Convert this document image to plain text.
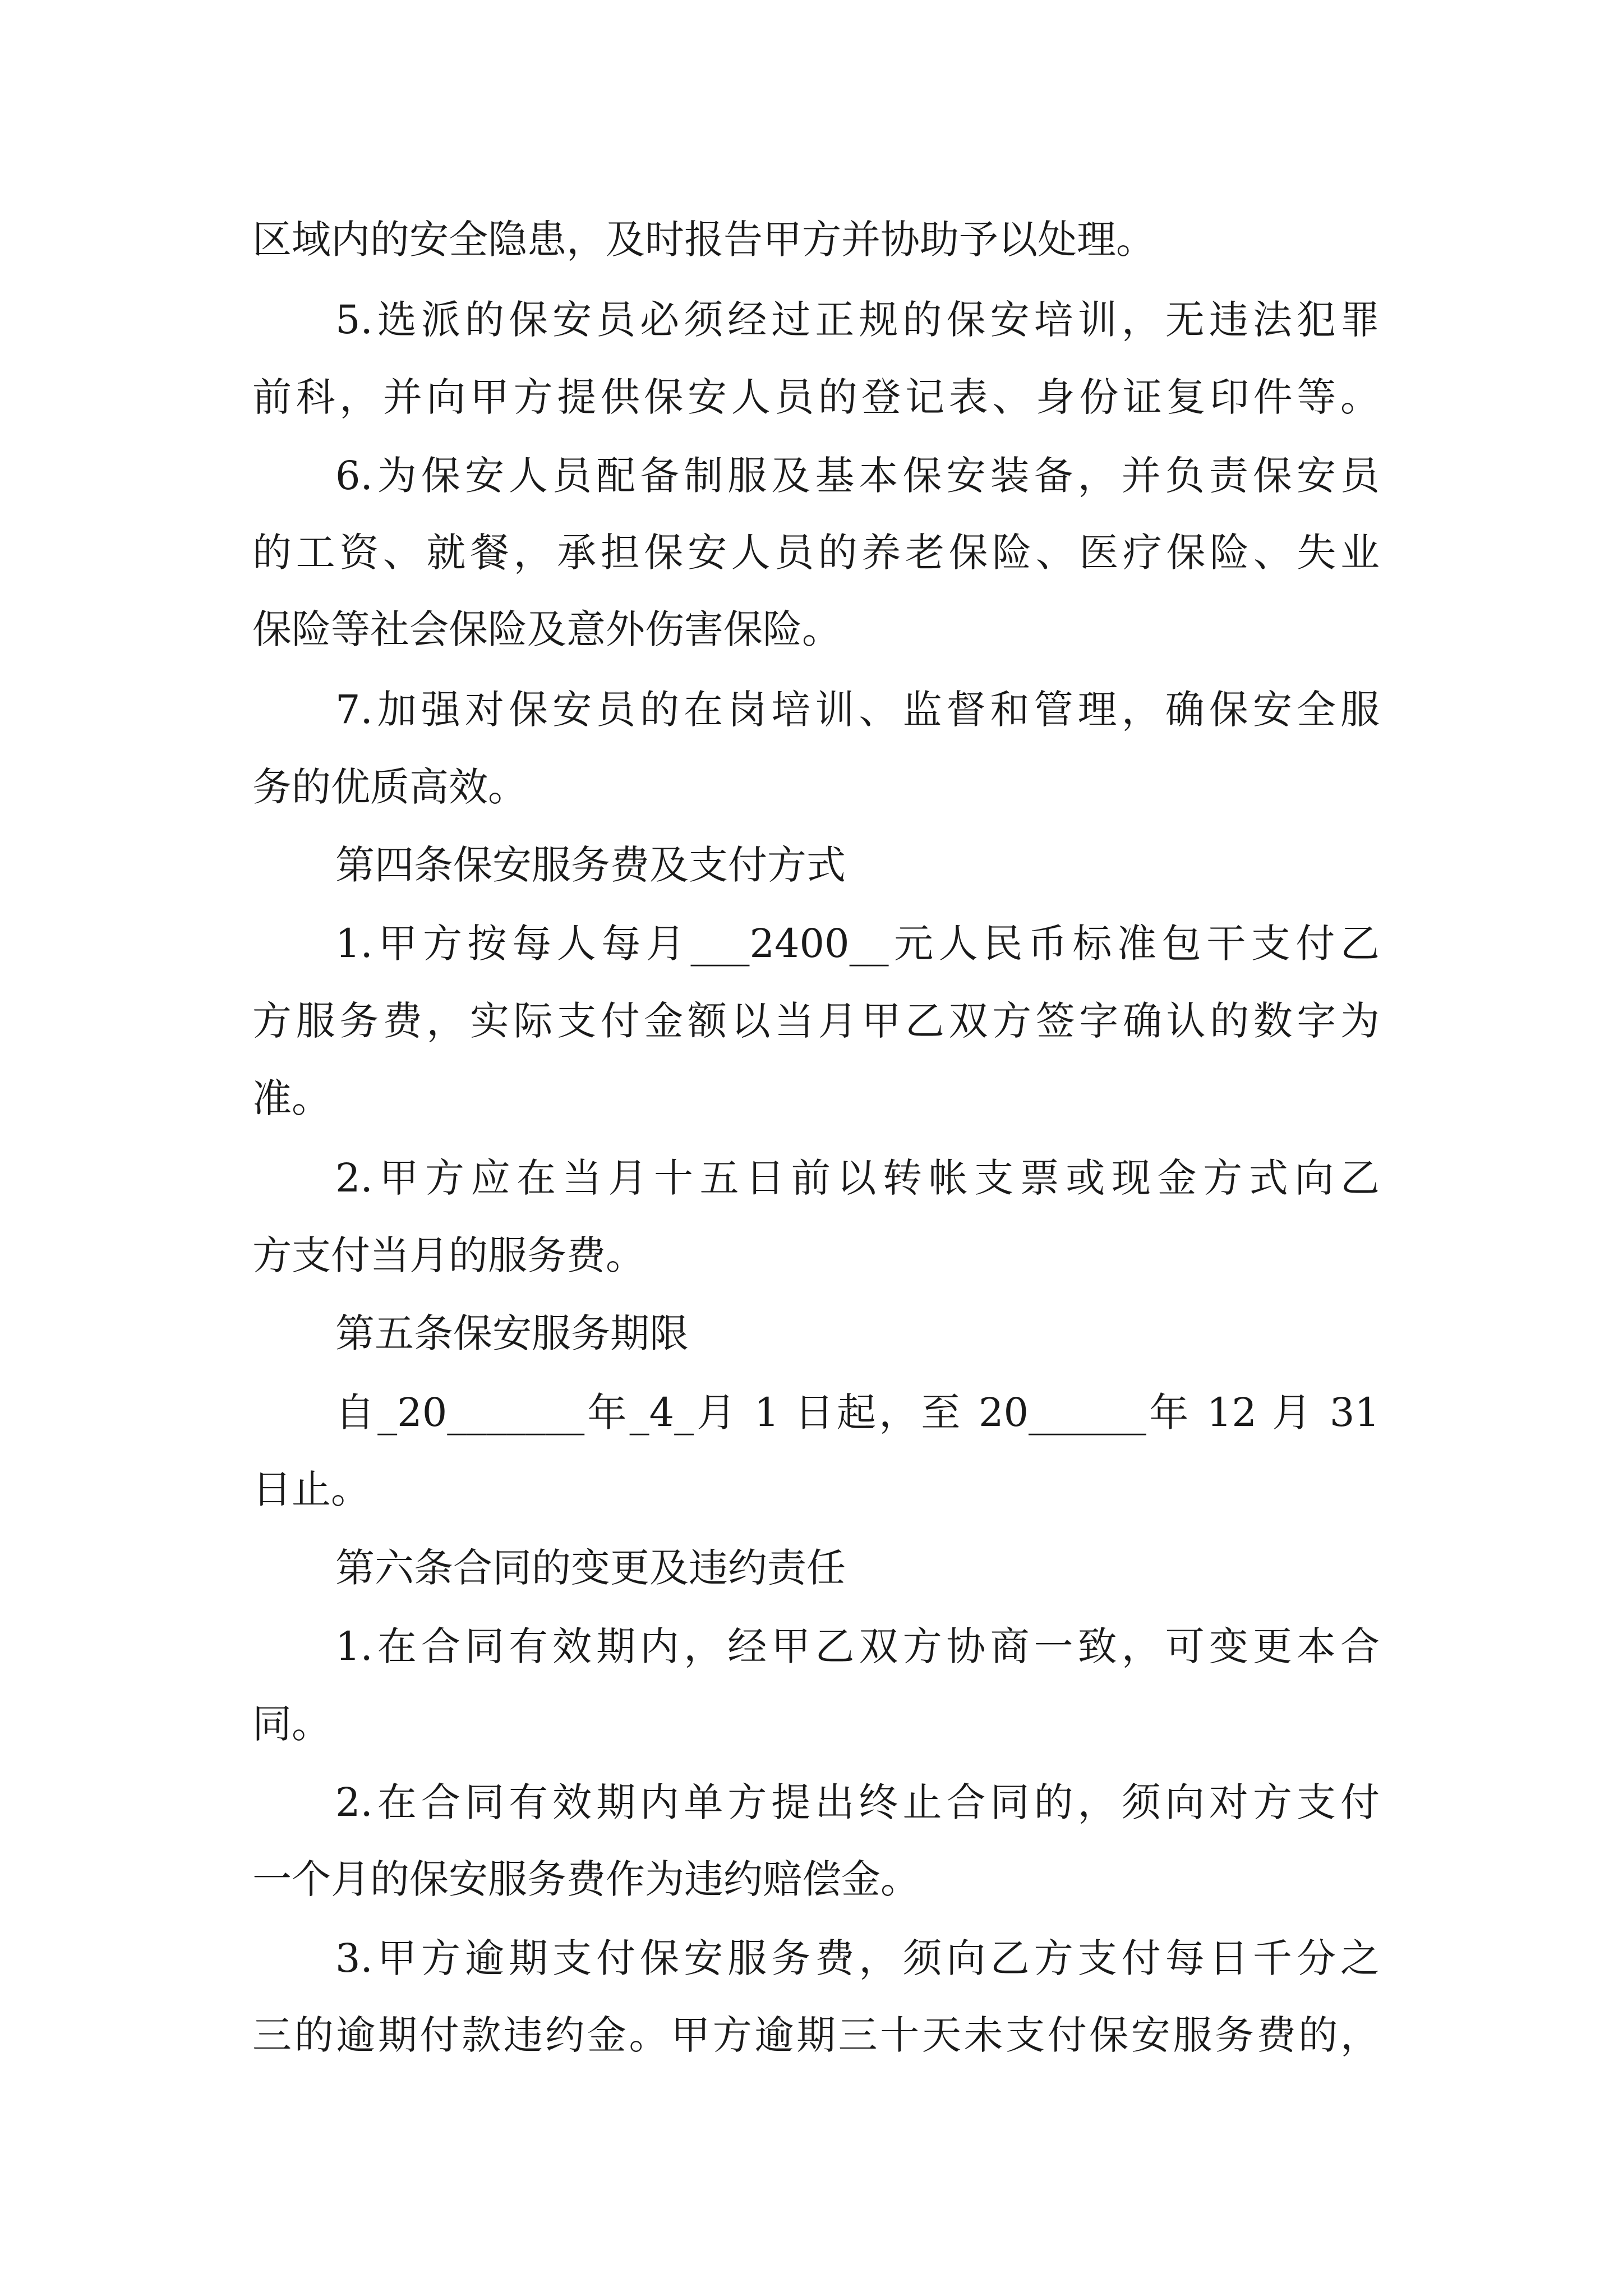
区域内的安全隐患，及时报告甲方并协助予以处理。
5.选派的保安员必须经过正规的保安培训，无违法犯罪
前科，并向甲方提供保安人员的登记表、身份证复印件等。
6.为保安人员配备制服及基本保安装备，并负责保安员
的工资、就餐，承担保安人员的养老保险、医疗保险、失业
保险等社会保险及意外伤害保险。
7.加强对保安员的在岗培训、监督和管理，确保安全服
务的优质高效。
第四条保安服务费及支付方式
1.甲方按每人每月___2400__元人民币标准包干支付乙
方服务费，实际支付金额以当月甲乙双方签字确认的数字为
准。
2.甲方应在当月十五日前以转帐支票或现金方式向乙
方支付当月的服务费。
第五条保安服务期限
自_20_______年_4_月 1 日起，至 20______年 12 月 31
日止。
第六条合同的变更及违约责任
1.在合同有效期内，经甲乙双方协商一致，可变更本合
同。
2.在合同有效期内单方提出终止合同的，须向对方支付
一个月的保安服务费作为违约赔偿金。
3.甲方逾期支付保安服务费，须向乙方支付每日千分之
三的逾期付款违约金。甲方逾期三十天未支付保安服务费的，
